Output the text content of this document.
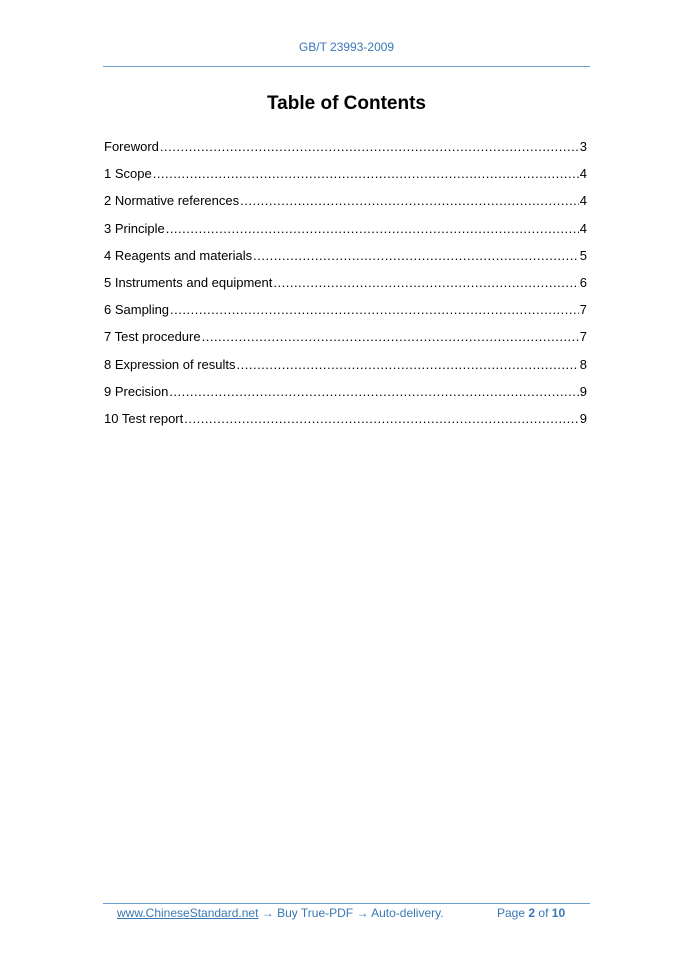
GB/T 23993-2009
Table of Contents
Foreword .....	3
1 Scope .....	4
2 Normative references .....	4
3 Principle .....	4
4 Reagents and materials .....	5
5 Instruments and equipment .....	6
6 Sampling .....	7
7 Test procedure .....	7
8 Expression of results .....	8
9 Precision .....	9
10 Test report .....	9
www.ChineseStandard.net → Buy True-PDF → Auto-delivery.	Page 2 of 10
